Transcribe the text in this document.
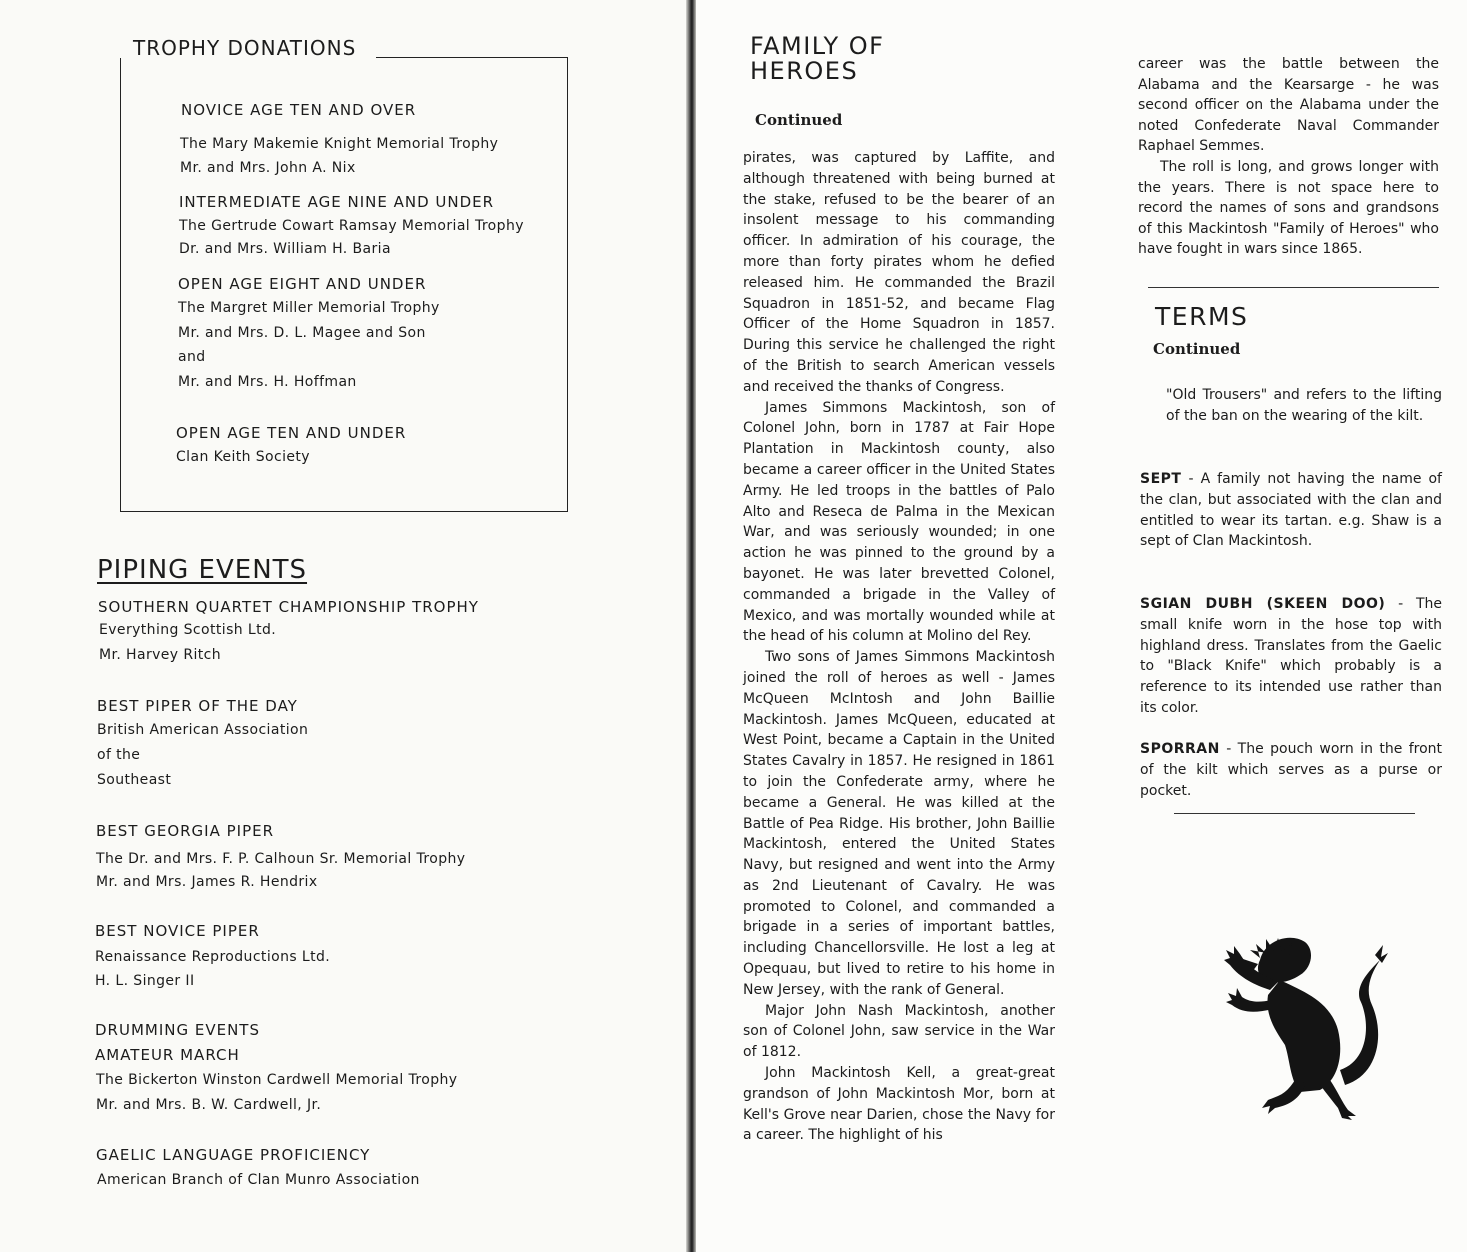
TROPHY DONATIONS
NOVICE AGE TEN AND OVER
The Mary Makemie Knight Memorial Trophy
Mr. and Mrs. John A. Nix
INTERMEDIATE AGE NINE AND UNDER
The Gertrude Cowart Ramsay Memorial Trophy
Dr. and Mrs. William H. Baria
OPEN AGE EIGHT AND UNDER
The Margret Miller Memorial Trophy
Mr. and Mrs. D. L. Magee and Son
and
Mr. and Mrs. H. Hoffman
OPEN AGE TEN AND UNDER
Clan Keith Society
PIPING EVENTS
SOUTHERN QUARTET CHAMPIONSHIP TROPHY
Everything Scottish Ltd.
Mr. Harvey Ritch
BEST PIPER OF THE DAY
British American Association
of the
Southeast
BEST GEORGIA PIPER
The Dr. and Mrs. F. P. Calhoun Sr. Memorial Trophy
Mr. and Mrs. James R. Hendrix
BEST NOVICE PIPER
Renaissance Reproductions Ltd.
H. L. Singer II
DRUMMING EVENTS
AMATEUR MARCH
The Bickerton Winston Cardwell Memorial Trophy
Mr. and Mrs. B. W. Cardwell, Jr.
GAELIC LANGUAGE PROFICIENCY
American Branch of Clan Munro Association
FAMILY OF
HEROES
Continued

pirates, was captured by Laffite, and although threatened with being burned at the stake, refused to be the bearer of an insolent message to his commanding officer. In admiration of his courage, the more than forty pirates whom he defied released him. He commanded the Brazil Squadron in 1851-52, and became Flag Officer of the Home Squadron in 1857. During this service he challenged the right of the British to search American vessels and received the thanks of Congress.

James Simmons Mackintosh, son of Colonel John, born in 1787 at Fair Hope Plantation in Mackintosh county, also became a career officer in the United States Army. He led troops in the battles of Palo Alto and Reseca de Palma in the Mexican War, and was seriously wounded; in one action he was pinned to the ground by a bayonet. He was later brevetted Colonel, commanded a brigade in the Valley of Mexico, and was mortally wounded while at the head of his column at Molino del Rey.

Two sons of James Simmons Mackintosh joined the roll of heroes as well - James McQueen McIntosh and John Baillie Mackintosh. James McQueen, educated at West Point, became a Captain in the United States Cavalry in 1857. He resigned in 1861 to join the Confederate army, where he became a General. He was killed at the Battle of Pea Ridge. His brother, John Baillie Mackintosh, entered the United States Navy, but resigned and went into the Army as 2nd Lieutenant of Cavalry. He was promoted to Colonel, and commanded a brigade in a series of important battles, including Chancellorsville. He lost a leg at Opequau, but lived to retire to his home in New Jersey, with the rank of General.

Major John Nash Mackintosh, another son of Colonel John, saw service in the War of 1812.

John Mackintosh Kell, a great-great grandson of John Mackintosh Mor, born at Kell's Grove near Darien, chose the Navy for a career. The highlight of his

career was the battle between the Alabama and the Kearsarge - he was second officer on the Alabama under the noted Confederate Naval Commander Raphael Semmes.

The roll is long, and grows longer with the years. There is not space here to record the names of sons and grandsons of this Mackintosh "Family of Heroes" who have fought in wars since 1865.

TERMS
Continued
"Old Trousers" and refers to the lifting of the ban on the wearing of the kilt.
SEPT - A family not having the name of the clan, but associated with the clan and entitled to wear its tartan. e.g. Shaw is a sept of Clan Mackintosh.
SGIAN DUBH (SKEEN DOO) - The small knife worn in the hose top with highland dress. Translates from the Gaelic to "Black Knife" which probably is a reference to its intended use rather than its color.
SPORRAN - The pouch worn in the front of the kilt which serves as a purse or pocket.
